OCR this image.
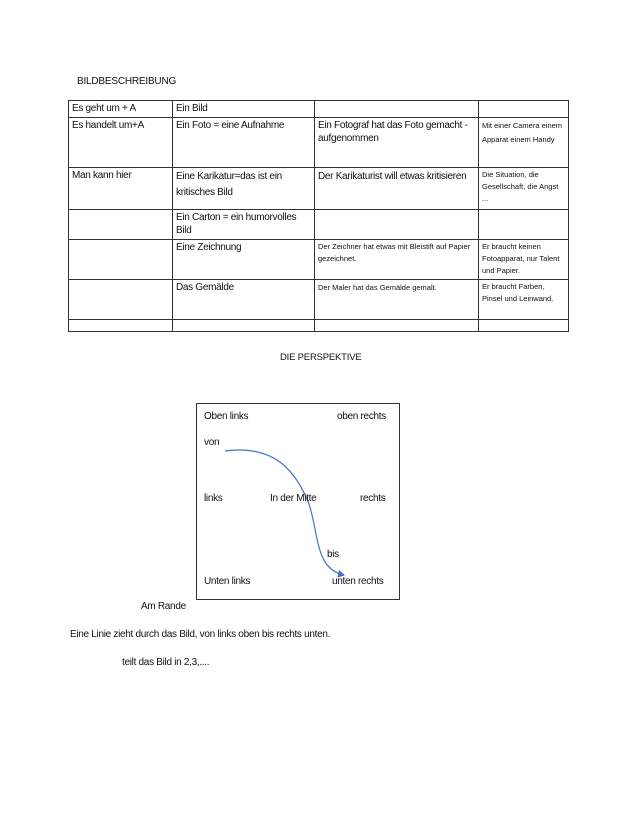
BILDBESCHREIBUNG
Es geht um + A	Ein Bild		
Es handelt um+A	Ein Foto = eine Aufnahme	Ein Fotograf hat das Foto gemacht - aufgenommen	Mit einer Camera einem Apparat einem Handy
Man kann hier	Eine Karikatur=das ist ein kritisches Bild	Der Karikaturist will etwas kritisieren	Die Situation, die Gesellschaft, die Angst ...
	Ein Carton = ein humorvolles Bild		
	Eine Zeichnung	Der Zeichner hat etwas mit Bleistift auf Papier gezeichnet.	Er braucht keinen Fotoapparat, nur Talent und Papier.
	Das Gemälde	Der Maler hat das Gemälde gemalt.	Er braucht Farben, Pinsel und Leinwand.

DIE PERSPEKTIVE
Oben links	oben rechts
von
links	In der Mitte	rechts
bis
Unten links	unten rechts
Am Rande
Eine Linie zieht durch das Bild, von links oben bis rechts unten.
teilt das Bild in 2,3,....
